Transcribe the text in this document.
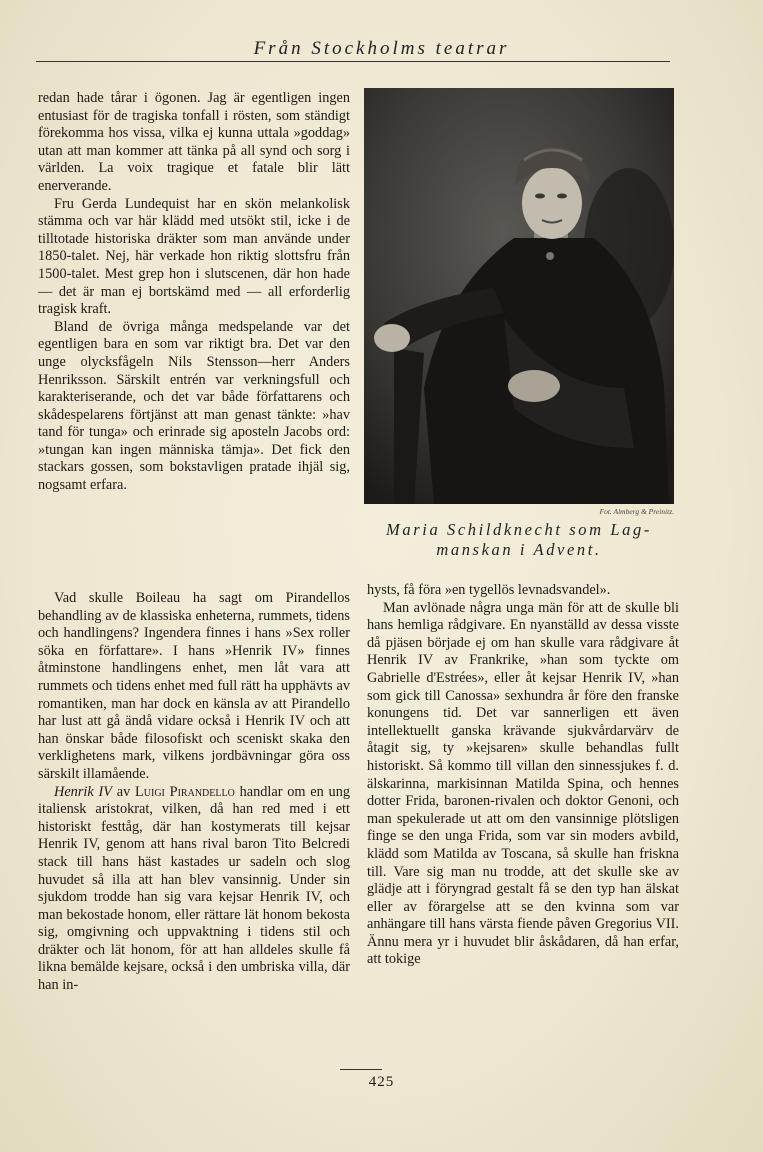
Från Stockholms teatrar

redan hade tårar i ögonen. Jag är egentligen ingen entusiast för de tragiska tonfall i rösten, som ständigt förekomma hos vissa, vilka ej kunna uttala »goddag» utan att man kommer att tänka på all synd och sorg i världen. La voix tragique et fatale blir lätt enerverande.

Fru Gerda Lundequist har en skön melankolisk stämma och var här klädd med utsökt stil, icke i de tilltotade historiska dräkter som man använde under 1850-talet. Nej, här verkade hon riktig slottsfru från 1500-talet. Mest grep hon i slutscenen, där hon hade — det är man ej bortskämd med — all erforderlig tragisk kraft.

Bland de övriga många medspelande var det egentligen bara en som var riktigt bra. Det var den unge olycksfågeln Nils Stensson—herr Anders Henriksson. Särskilt entrén var verkningsfull och karakteriserande, och det var både författarens och skådespelarens förtjänst att man genast tänkte: »hav tand för tunga» och erinrade sig aposteln Jacobs ord: »tungan kan ingen människa tämja». Det fick den stackars gossen, som bokstavligen pratade ihjäl sig, nogsamt erfara.

Fot. Almberg & Preinitz.
Maria Schildknecht som Lag-
manskan i Advent.

Vad skulle Boileau ha sagt om Pirandellos behandling av de klassiska enheterna, rummets, tidens och handlingens? Ingendera finnes i hans »Sex roller söka en författare». I hans »Henrik IV» finnes åtminstone handlingens enhet, men låt vara att rummets och tidens enhet med full rätt ha upphävts av romantiken, man har dock en känsla av att Pirandello har lust att gå ändå vidare också i Henrik IV och att han önskar både filosofiskt och sceniskt skaka den verklighetens mark, vilkens jordbävningar göra oss särskilt illamående.

Henrik IV av Luigi Pirandello handlar om en ung italiensk aristokrat, vilken, då han red med i ett historiskt festtåg, där han kostymerats till kejsar Henrik IV, genom att hans rival baron Tito Belcredi stack till hans häst kastades ur sadeln och slog huvudet så illa att han blev vansinnig. Under sin sjukdom trodde han sig vara kejsar Henrik IV, och man bekostade honom, eller rättare lät honom bekosta sig, omgivning och uppvaktning i tidens stil och dräkter och lät honom, för att han alldeles skulle få likna bemälde kejsare, också i den umbriska villa, där han in-

hysts, få föra »en tygellös levnadsvandel».

Man avlönade några unga män för att de skulle bli hans hemliga rådgivare. En nyanställd av dessa visste då pjäsen började ej om han skulle vara rådgivare åt Henrik IV av Frankrike, »han som tyckte om Gabrielle d'Estrées», eller åt kejsar Henrik IV, »han som gick till Canossa» sexhundra år före den franske konungens tid. Det var sannerligen ett även intellektuellt ganska krävande sjukvårdarvärv de åtagit sig, ty »kejsaren» skulle behandlas fullt historiskt. Så kommo till villan den sinnessjukes f. d. älskarinna, markisinnan Matilda Spina, och hennes dotter Frida, baronen-rivalen och doktor Genoni, och man spekulerade ut att om den vansinnige plötsligen finge se den unga Frida, som var sin moders avbild, klädd som Matilda av Toscana, så skulle han friskna till. Vare sig man nu trodde, att det skulle ske av glädje att i föryngrad gestalt få se den typ han älskat eller av förargelse att se den kvinna som var anhängare till hans värsta fiende påven Gregorius VII. Ännu mera yr i huvudet blir åskådaren, då han erfar, att tokige

425
